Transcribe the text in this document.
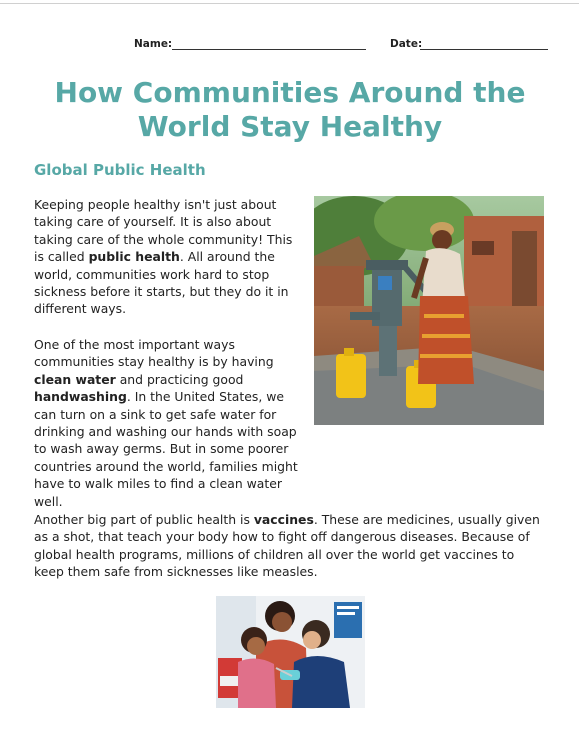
Name:	Date:
How Communities Around the
World Stay Healthy
Global Public Health

Keeping people healthy isn't just about taking care of yourself. It is also about taking care of the whole community! This is called public health. All around the world, communities work hard to stop sickness before it starts, but they do it in different ways.

One of the most important ways communities stay healthy is by having clean water and practicing good handwashing. In the United States, we can turn on a sink to get safe water for drinking and washing our hands with soap to wash away germs. But in some poorer countries around the world, families might have to walk miles to find a clean water well.

Another big part of public health is vaccines. These are medicines, usually given as a shot, that teach your body how to fight off dangerous diseases. Because of global health programs, millions of children all over the world get vaccines to keep them safe from sicknesses like measles.
